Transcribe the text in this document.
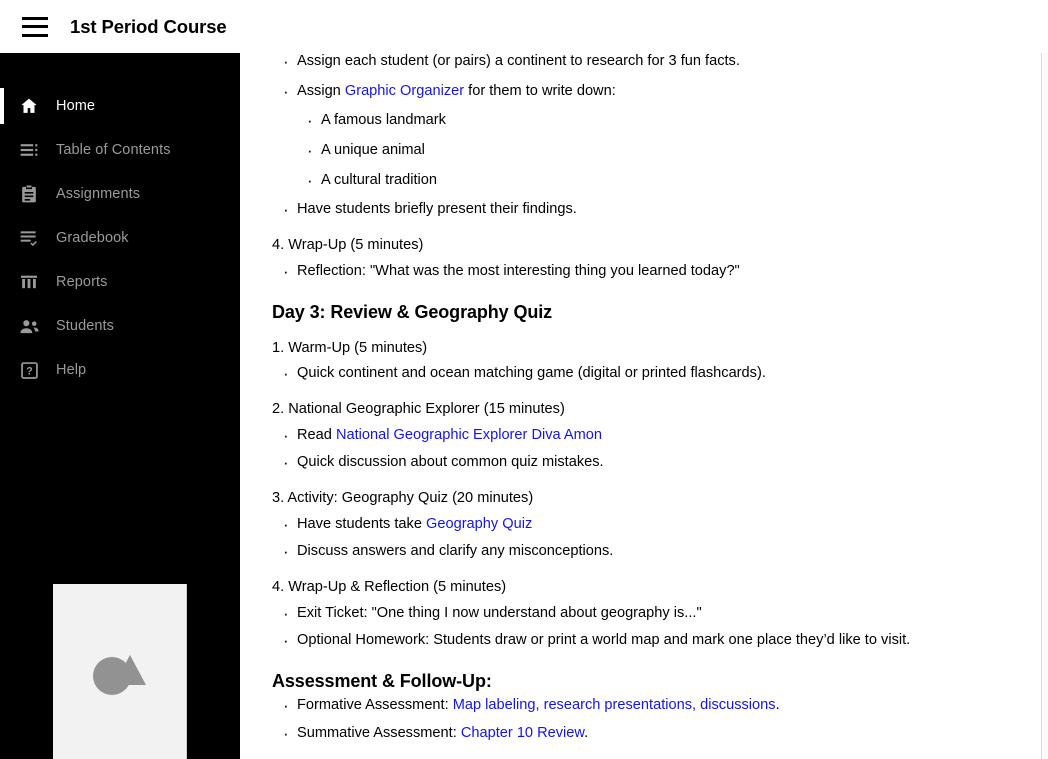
1st Period Course
Home
Table of Contents
Assignments
Gradebook
Reports
Students
? Help
· Assign each student (or pairs) a continent to research for 3 fun facts.
· Assign Graphic Organizer for them to write down:
· A famous landmark
· A unique animal
· A cultural tradition
· Have students briefly present their findings.
4. Wrap-Up (5 minutes)
· Reflection: "What was the most interesting thing you learned today?"
Day 3: Review & Geography Quiz
1. Warm-Up (5 minutes)
· Quick continent and ocean matching game (digital or printed flashcards).
2. National Geographic Explorer (15 minutes)
· Read National Geographic Explorer Diva Amon
· Quick discussion about common quiz mistakes.
3. Activity: Geography Quiz (20 minutes)
· Have students take Geography Quiz
· Discuss answers and clarify any misconceptions.
4. Wrap-Up & Reflection (5 minutes)
· Exit Ticket: "One thing I now understand about geography is..."
· Optional Homework: Students draw or print a world map and mark one place they’d like to visit.
Assessment & Follow-Up:
· Formative Assessment: Map labeling, research presentations, discussions.
· Summative Assessment: Chapter 10 Review.
